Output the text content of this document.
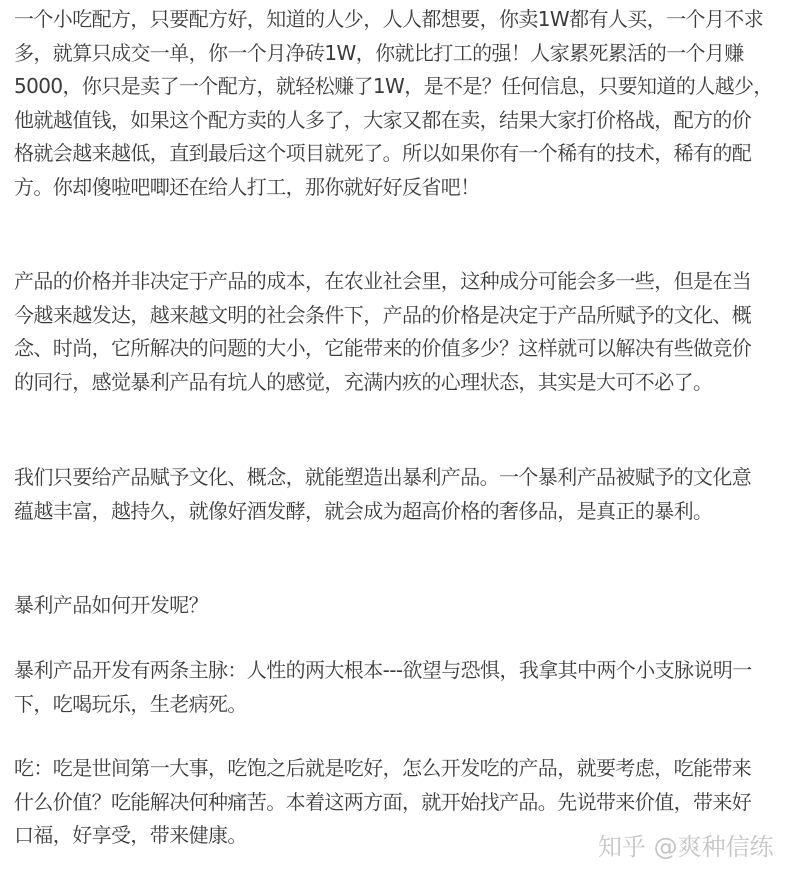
一个小吃配方，只要配方好，知道的人少，人人都想要，你卖1W都有人买，一个月不求
多，就算只成交一单，你一个月净砖1W，你就比打工的强！人家累死累活的一个月赚
5000，你只是卖了一个配方，就轻松赚了1W，是不是？任何信息，只要知道的人越少，
他就越值钱，如果这个配方卖的人多了，大家又都在卖，结果大家打价格战，配方的价
格就会越来越低，直到最后这个项目就死了。所以如果你有一个稀有的技术，稀有的配
方。你却傻啦吧唧还在给人打工，那你就好好反省吧！
产品的价格并非决定于产品的成本，在农业社会里，这种成分可能会多一些，但是在当
今越来越发达，越来越文明的社会条件下，产品的价格是决定于产品所赋予的文化、概
念、时尚，它所解决的问题的大小，它能带来的价值多少？这样就可以解决有些做竞价
的同行，感觉暴利产品有坑人的感觉，充满内疚的心理状态，其实是大可不必了。
我们只要给产品赋予文化、概念，就能塑造出暴利产品。一个暴利产品被赋予的文化意
蕴越丰富，越持久，就像好酒发酵，就会成为超高价格的奢侈品，是真正的暴利。
暴利产品如何开发呢？
暴利产品开发有两条主脉：人性的两大根本---欲望与恐惧，我拿其中两个小支脉说明一
下，吃喝玩乐，生老病死。
吃：吃是世间第一大事，吃饱之后就是吃好，怎么开发吃的产品，就要考虑，吃能带来
什么价值？吃能解决何种痛苦。本着这两方面，就开始找产品。先说带来价值，带来好
口福，好享受，带来健康。	知乎 @爽种信练
